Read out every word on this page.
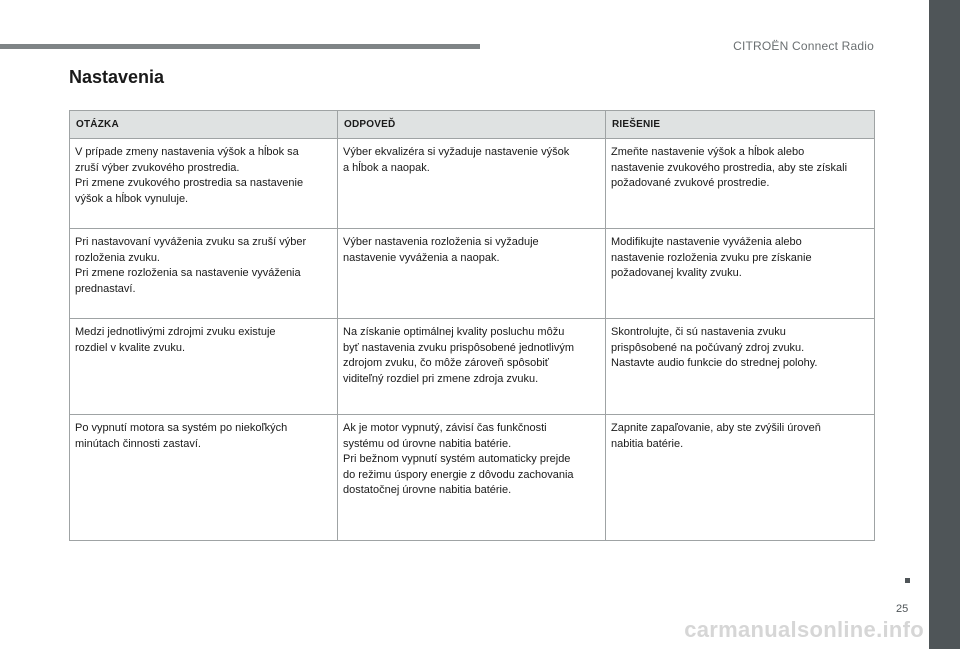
CITROËN Connect Radio
Nastavenia
OTÁZKA	ODPOVEĎ	RIEŠENIE

V prípade zmeny nastavenia výšok a hĺbok sa
zruší výber zvukového prostredia.
Pri zmene zvukového prostredia sa nastavenie
výšok a hĺbok vynuluje.	Výber ekvalizéra si vyžaduje nastavenie výšok
a hĺbok a naopak.	Zmeňte nastavenie výšok a hĺbok alebo
nastavenie zvukového prostredia, aby ste získali
požadované zvukové prostredie.

Pri nastavovaní vyváženia zvuku sa zruší výber
rozloženia zvuku.
Pri zmene rozloženia sa nastavenie vyváženia
prednastaví.	Výber nastavenia rozloženia si vyžaduje
nastavenie vyváženia a naopak.	Modifikujte nastavenie vyváženia alebo
nastavenie rozloženia zvuku pre získanie
požadovanej kvality zvuku.

Medzi jednotlivými zdrojmi zvuku existuje
rozdiel v kvalite zvuku.	Na získanie optimálnej kvality posluchu môžu
byť nastavenia zvuku prispôsobené jednotlivým
zdrojom zvuku, čo môže zároveň spôsobiť
viditeľný rozdiel pri zmene zdroja zvuku.	Skontrolujte, či sú nastavenia zvuku
prispôsobené na počúvaný zdroj zvuku.
Nastavte audio funkcie do strednej polohy.

Po vypnutí motora sa systém po niekoľkých
minútach činnosti zastaví.	Ak je motor vypnutý, závisí čas funkčnosti
systému od úrovne nabitia batérie.
Pri bežnom vypnutí systém automaticky prejde
do režimu úspory energie z dôvodu zachovania
dostatočnej úrovne nabitia batérie.	Zapnite zapaľovanie, aby ste zvýšili úroveň
nabitia batérie.
25
carmanualsonline.info
